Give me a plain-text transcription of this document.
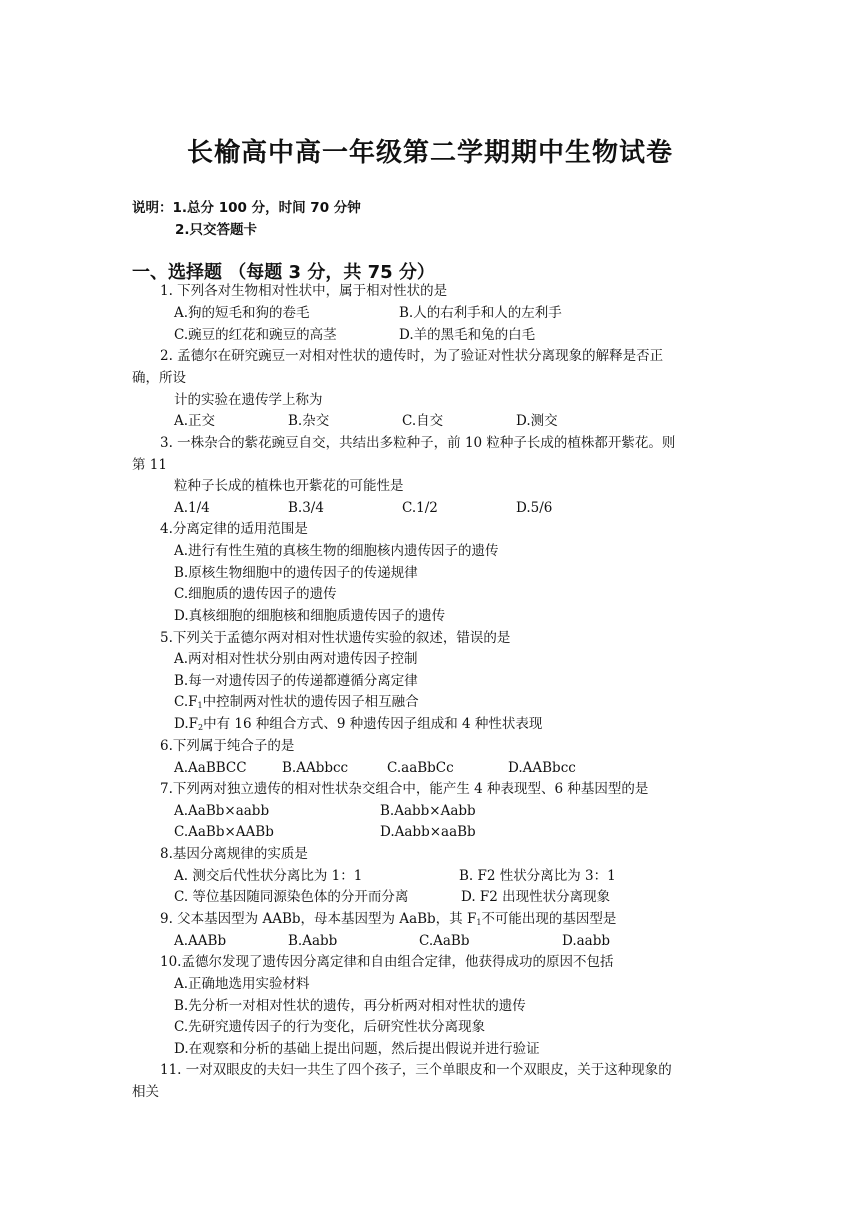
长榆高中高一年级第二学期期中生物试卷
说明：1.总分 100 分，时间 70 分钟
2.只交答题卡
一、选择题 （每题 3 分，共 75 分）
1. 下列各对生物相对性状中，属于相对性状的是
A.狗的短毛和狗的卷毛	B.人的右利手和人的左利手
C.豌豆的红花和豌豆的高茎	D.羊的黑毛和兔的白毛
2. 孟德尔在研究豌豆一对相对性状的遗传时，为了验证对性状分离现象的解释是否正
确，所设
计的实验在遗传学上称为
A.正交	B.杂交	C.自交	D.测交
3. 一株杂合的紫花豌豆自交，共结出多粒种子，前 10 粒种子长成的植株都开紫花。则
第 11
粒种子长成的植株也开紫花的可能性是
A.1/4	B.3/4	C.1/2	D.5/6
4.分离定律的适用范围是
A.进行有性生殖的真核生物的细胞核内遗传因子的遗传
B.原核生物细胞中的遗传因子的传递规律
C.细胞质的遗传因子的遗传
D.真核细胞的细胞核和细胞质遗传因子的遗传
5.下列关于孟德尔两对相对性状遗传实验的叙述，错误的是
A.两对相对性状分别由两对遗传因子控制
B.每一对遗传因子的传递都遵循分离定律
$C.F_1$中控制两对性状的遗传因子相互融合
$D.F_2$中有 16 种组合方式、9 种遗传因子组成和 4 种性状表现
6.下列属于纯合子的是
A.AaBBCC	B.AAbbcc	C.aaBbCc	D.AABbcc
7.下列两对独立遗传的相对性状杂交组合中，能产生 4 种表现型、6 种基因型的是
A.AaBb×aabb	B.Aabb×Aabb
C.AaBb×AABb	D.Aabb×aaBb
8.基因分离规律的实质是
A. 测交后代性状分离比为 1：1	B. F2 性状分离比为 3：1
C. 等位基因随同源染色体的分开而分离	D. F2 出现性状分离现象
9. 父本基因型为 AABb，母本基因型为 AaBb，其 $F_1$不可能出现的基因型是
A.AABb	B.Aabb	C.AaBb	D.aabb
10.孟德尔发现了遗传因分离定律和自由组合定律，他获得成功的原因不包括
A.正确地选用实验材料
B.先分析一对相对性状的遗传，再分析两对相对性状的遗传
C.先研究遗传因子的行为变化，后研究性状分离现象
D.在观察和分析的基础上提出问题，然后提出假说并进行验证
11. 一对双眼皮的夫妇一共生了四个孩子，三个单眼皮和一个双眼皮，关于这种现象的
相关
